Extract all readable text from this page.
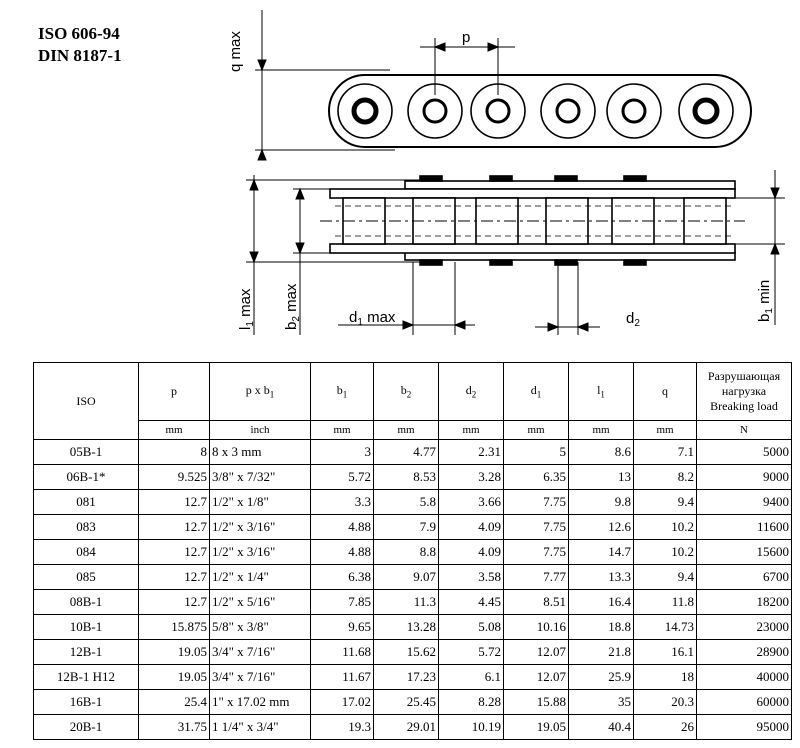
ISO 606-94
DIN 8187-1	q max	p
$l_1$ max
$b_2$ max
$b_1$ min
$d_1$ max	$d_2$
ISO	p	p x $b_1$	$b_1$	$b_2$	$d_2$	$d_1$	$l_1$	q	Разрушающая
нагрузка
Breaking load
	mm	inch	mm	mm	mm	mm	mm	mm	N
05B-1	8	8 x 3 mm	3	4.77	2.31	5	8.6	7.1	5000
06B-1*	9.525	3/8" x 7/32"	5.72	8.53	3.28	6.35	13	8.2	9000
081	12.7	1/2" x 1/8"	3.3	5.8	3.66	7.75	9.8	9.4	9400
083	12.7	1/2" x 3/16"	4.88	7.9	4.09	7.75	12.6	10.2	11600
084	12.7	1/2" x 3/16"	4.88	8.8	4.09	7.75	14.7	10.2	15600
085	12.7	1/2" x 1/4"	6.38	9.07	3.58	7.77	13.3	9.4	6700
08B-1	12.7	1/2" x 5/16"	7.85	11.3	4.45	8.51	16.4	11.8	18200
10B-1	15.875	5/8" x 3/8"	9.65	13.28	5.08	10.16	18.8	14.73	23000
12B-1	19.05	3/4" x 7/16"	11.68	15.62	5.72	12.07	21.8	16.1	28900
12B-1 H12	19.05	3/4" x 7/16"	11.67	17.23	6.1	12.07	25.9	18	40000
16B-1	25.4	1" x 17.02 mm	17.02	25.45	8.28	15.88	35	20.3	60000
20B-1	31.75	1 1/4" x 3/4"	19.3	29.01	10.19	19.05	40.4	26	95000
